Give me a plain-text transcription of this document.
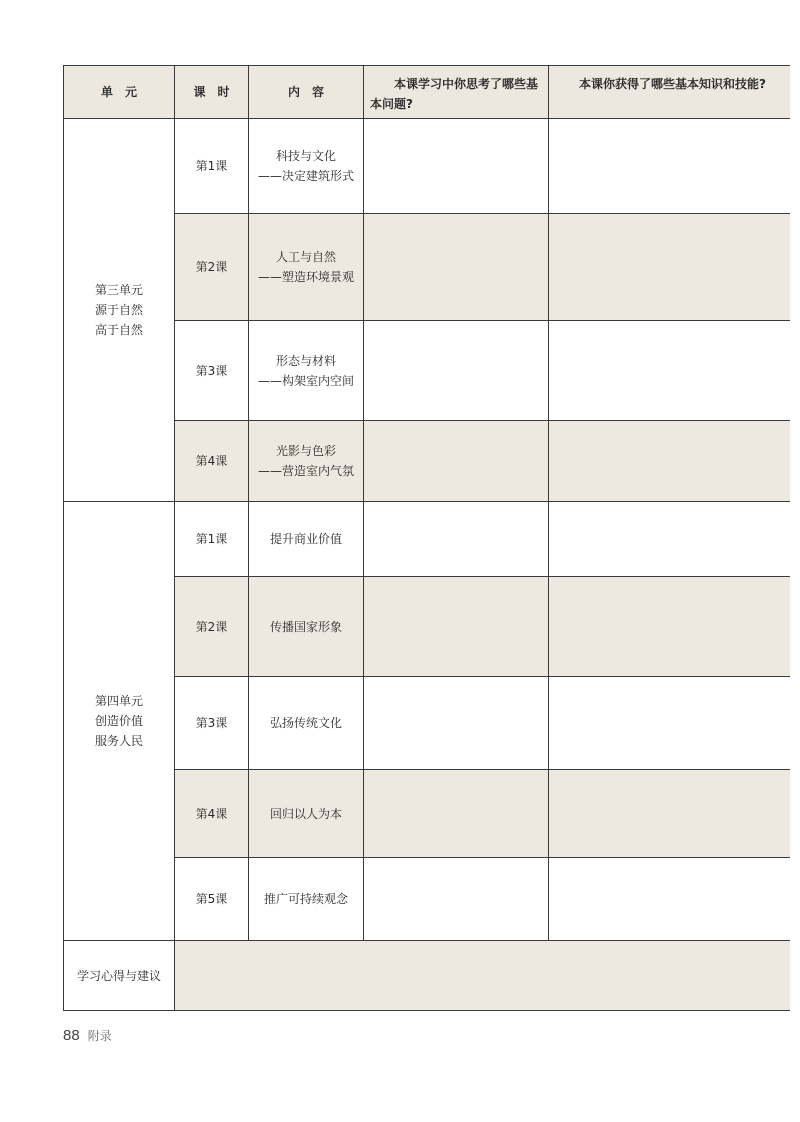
单　元	课　时	内　容	本课学习中你思考了哪些基本问题?	本课你获得了哪些基本知识和技能?

第三单元
源于自然
高于自然	第1课	科技与文化
——决定建筑形式		

	第2课	人工与自然
——塑造环境景观		

	第3课	形态与材料
——构架室内空间		

	第4课	光影与色彩
——营造室内气氛		

第四单元
创造价值
服务人民	第1课	提升商业价值		

	第2课	传播国家形象		

	第3课	弘扬传统文化		

	第4课	回归以人为本		

	第5课	推广可持续观念		

学习心得与建议				
88 附录
